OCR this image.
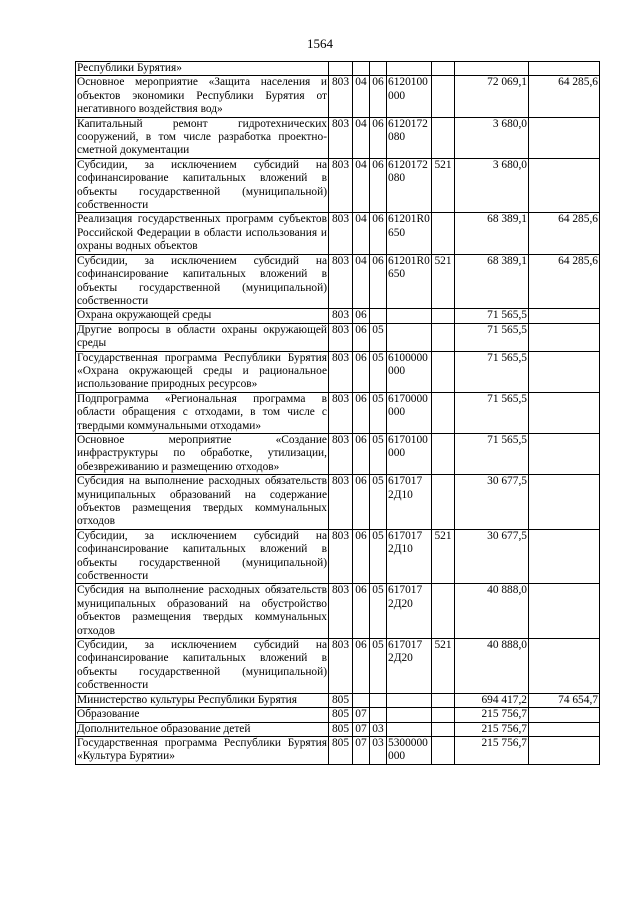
1564
Республики Бурятия»							
Основное мероприятие «Защита населения и объектов экономики Республики Бурятия от негативного воздействия вод»	803	04	06	6120100000		72 069,1	64 285,6
Капитальный ремонт гидротехнических сооружений, в том числе разработка проектно-сметной документации	803	04	06	6120172080		3 680,0	
Субсидии, за исключением субсидий на софинансирование капитальных вложений в объекты государственной (муниципальной) собственности	803	04	06	6120172080	521	3 680,0	
Реализация государственных программ субъектов Российской Федерации в области использования и охраны водных объектов	803	04	06	61201R0650		68 389,1	64 285,6
Субсидии, за исключением субсидий на софинансирование капитальных вложений в объекты государственной (муниципальной) собственности	803	04	06	61201R0650	521	68 389,1	64 285,6
Охрана окружающей среды	803	06				71 565,5	
Другие вопросы в области охраны окружающей среды	803	06	05			71 565,5	
Государственная программа Республики Бурятия «Охрана окружающей среды и рациональное использование природных ресурсов»	803	06	05	6100000000		71 565,5	
Подпрограмма «Региональная программа в области обращения с отходами, в том числе с твердыми коммунальными отходами»	803	06	05	6170000000		71 565,5	
Основное мероприятие «Создание инфраструктуры по обработке, утилизации, обезвреживанию и размещению отходов»	803	06	05	6170100000		71 565,5	
Субсидия на выполнение расходных обязательств муниципальных образований на содержание объектов размещения твердых коммунальных отходов	803	06	05	617017 2Д10		30 677,5	
Субсидии, за исключением субсидий на софинансирование капитальных вложений в объекты государственной (муниципальной) собственности	803	06	05	617017 2Д10	521	30 677,5	
Субсидия на выполнение расходных обязательств муниципальных образований на обустройство объектов размещения твердых коммунальных отходов	803	06	05	617017 2Д20		40 888,0	
Субсидии, за исключением субсидий на софинансирование капитальных вложений в объекты государственной (муниципальной) собственности	803	06	05	617017 2Д20	521	40 888,0	
Министерство культуры Республики Бурятия	805					694 417,2	74 654,7
Образование	805	07				215 756,7	
Дополнительное образование детей	805	07	03			215 756,7	
Государственная программа Республики Бурятия «Культура Бурятии»	805	07	03	5300000000		215 756,7	
